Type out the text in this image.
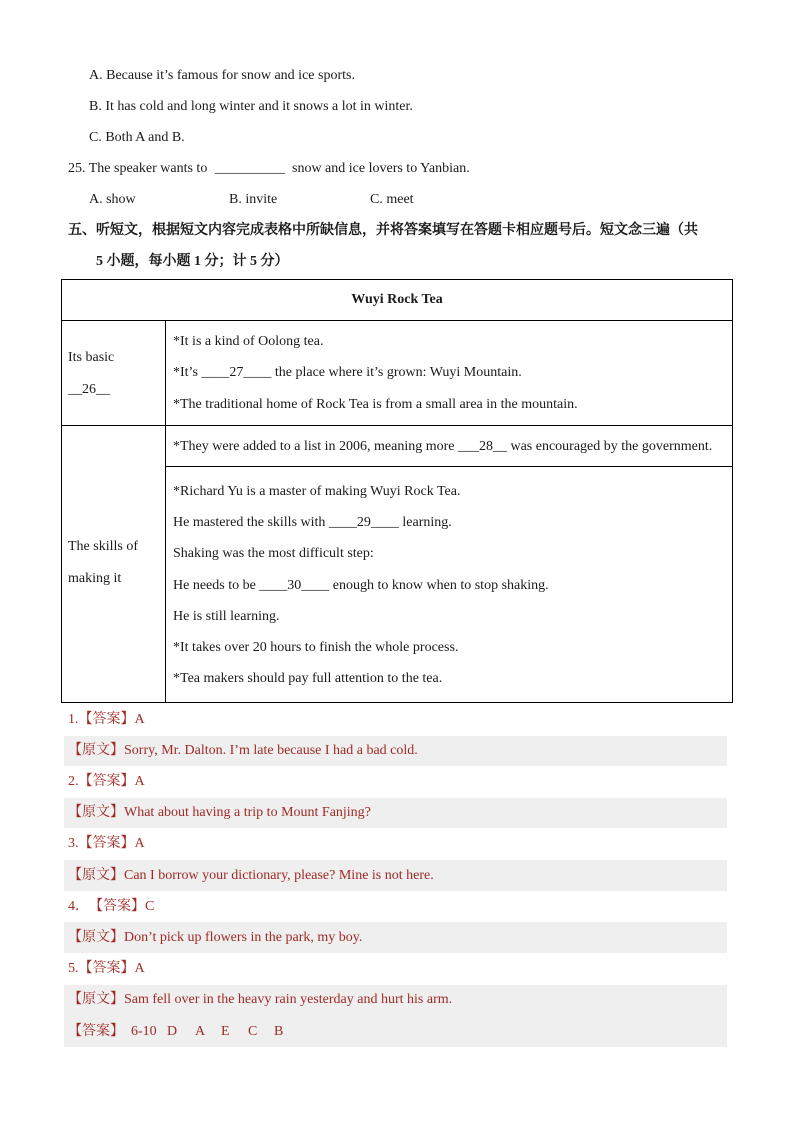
A. Because it’s famous for snow and ice sports.
B. It has cold and long winter and it snows a lot in winter.
C. Both A and B.
25. The speaker wants to __________ snow and ice lovers to Yanbian.
A. show	B. invite	C. meet
五、听短文，根据短文内容完成表格中所缺信息，并将答案填写在答题卡相应题号后。短文念三遍（共
5 小题，每小题 1 分；计 5 分）
Wuyi Rock Tea
Its basic
__26__
*It is a kind of Oolong tea.
*It’s ____27____ the place where it’s grown: Wuyi Mountain.
*The traditional home of Rock Tea is from a small area in the mountain.
The skills of
making it
*They were added to a list in 2006, meaning more ___28__ was encouraged by the government.
*Richard Yu is a master of making Wuyi Rock Tea.
He mastered the skills with ____29____ learning.
Shaking was the most difficult step:
He needs to be ____30____ enough to know when to stop shaking.
He is still learning.
*It takes over 20 hours to finish the whole process.
*Tea makers should pay full attention to the tea.
1.【答案】A
【原文】Sorry, Mr. Dalton. I’m late because I had a bad cold.
2.【答案】A
【原文】What about having a trip to Mount Fanjing?
3.【答案】A
【原文】Can I borrow your dictionary, please? Mine is not here.
4． 【答案】C
【原文】Don’t pick up flowers in the park, my boy.
5.【答案】A
【原文】Sam fell over in the heavy rain yesterday and hurt his arm.
【答案】 6-10 D A E C B
